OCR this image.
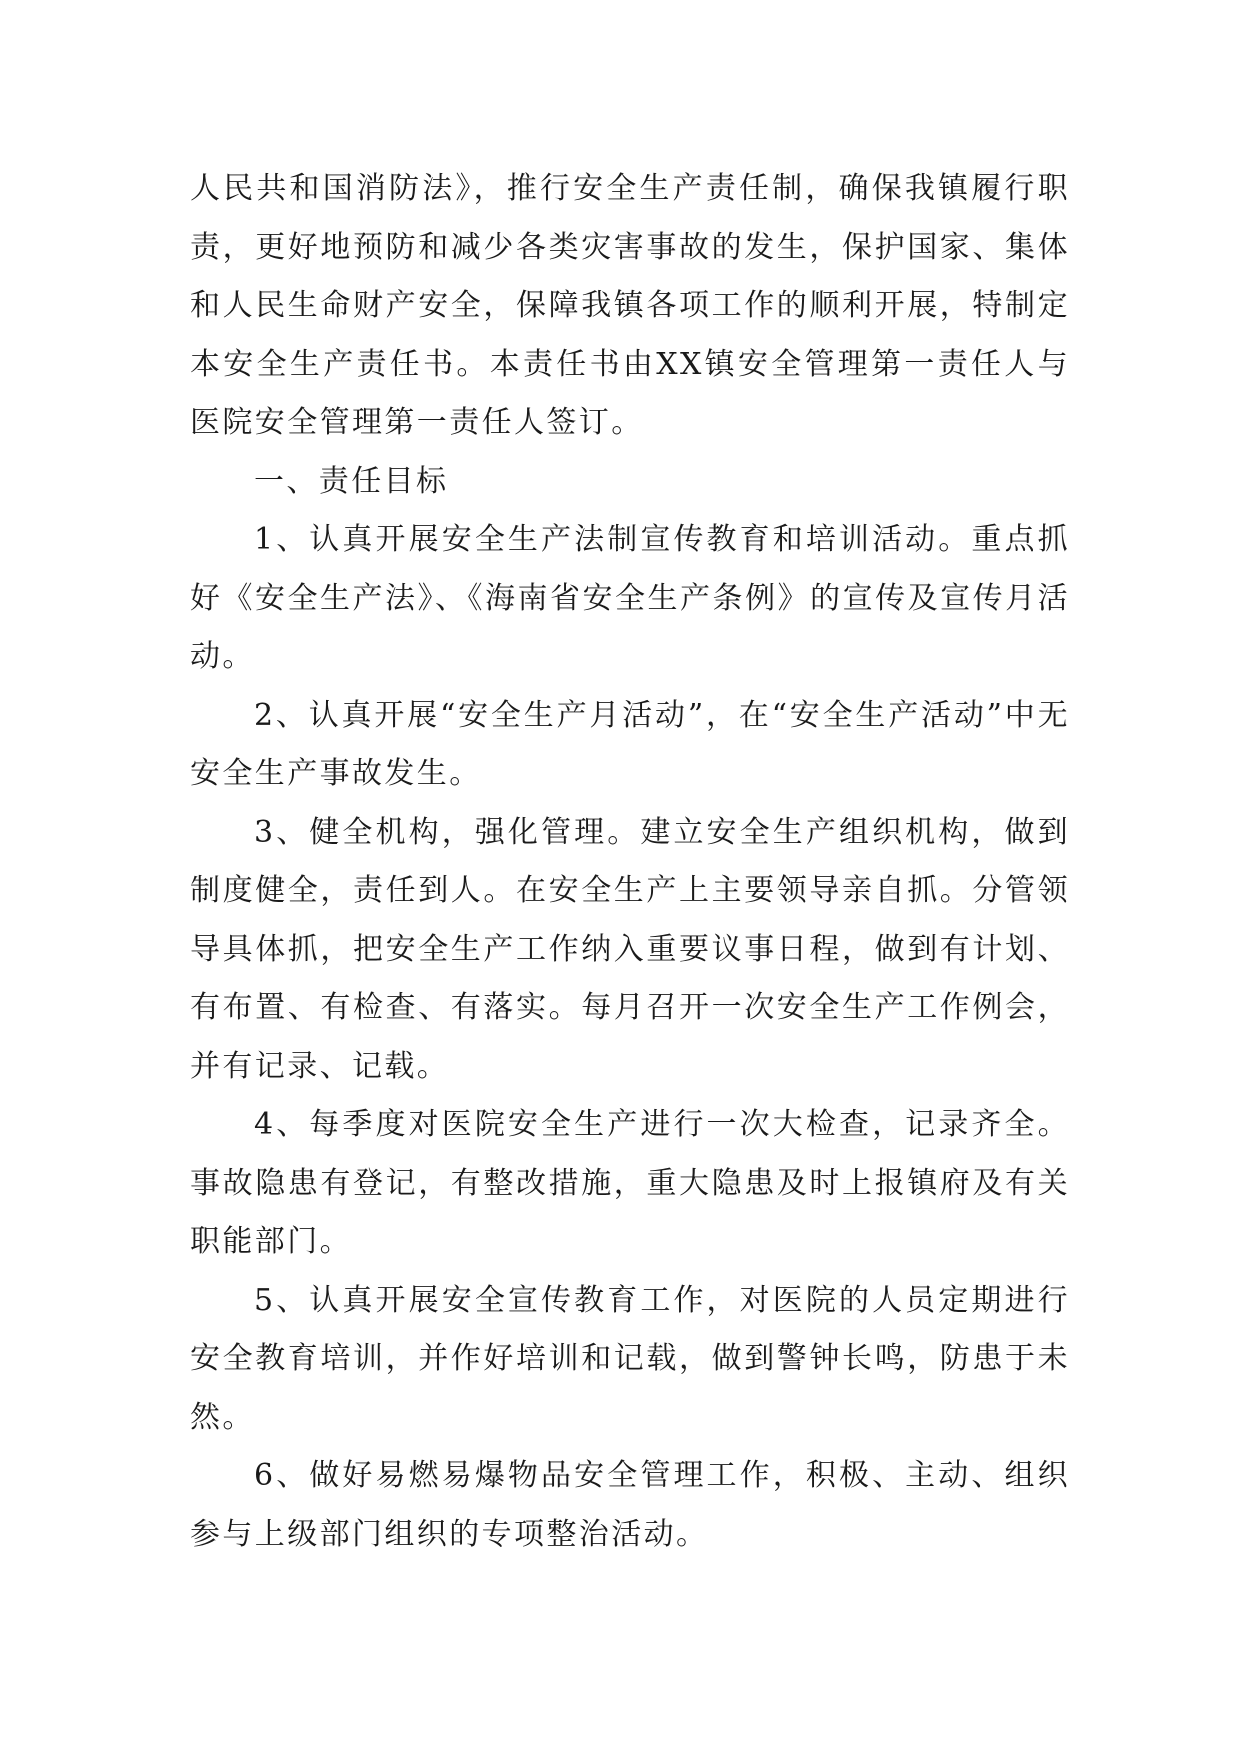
人民共和国消防法》，推行安全生产责任制，确保我镇履行职责，更好地预防和减少各类灾害事故的发生，保护国家、集体和人民生命财产安全，保障我镇各项工作的顺利开展，特制定本安全生产责任书。本责任书由XX镇安全管理第一责任人与医院安全管理第一责任人签订。

一、责任目标

1、认真开展安全生产法制宣传教育和培训活动。重点抓好《安全生产法》、《海南省安全生产条例》的宣传及宣传月活动。

2、认真开展“安全生产月活动”，在“安全生产活动”中无安全生产事故发生。

3、健全机构，强化管理。建立安全生产组织机构，做到制度健全，责任到人。在安全生产上主要领导亲自抓。分管领导具体抓，把安全生产工作纳入重要议事日程，做到有计划、有布置、有检查、有落实。每月召开一次安全生产工作例会，并有记录、记载。

4、每季度对医院安全生产进行一次大检查，记录齐全。事故隐患有登记，有整改措施，重大隐患及时上报镇府及有关职能部门。

5、认真开展安全宣传教育工作，对医院的人员定期进行安全教育培训，并作好培训和记载，做到警钟长鸣，防患于未然。

6、做好易燃易爆物品安全管理工作，积极、主动、组织参与上级部门组织的专项整治活动。
